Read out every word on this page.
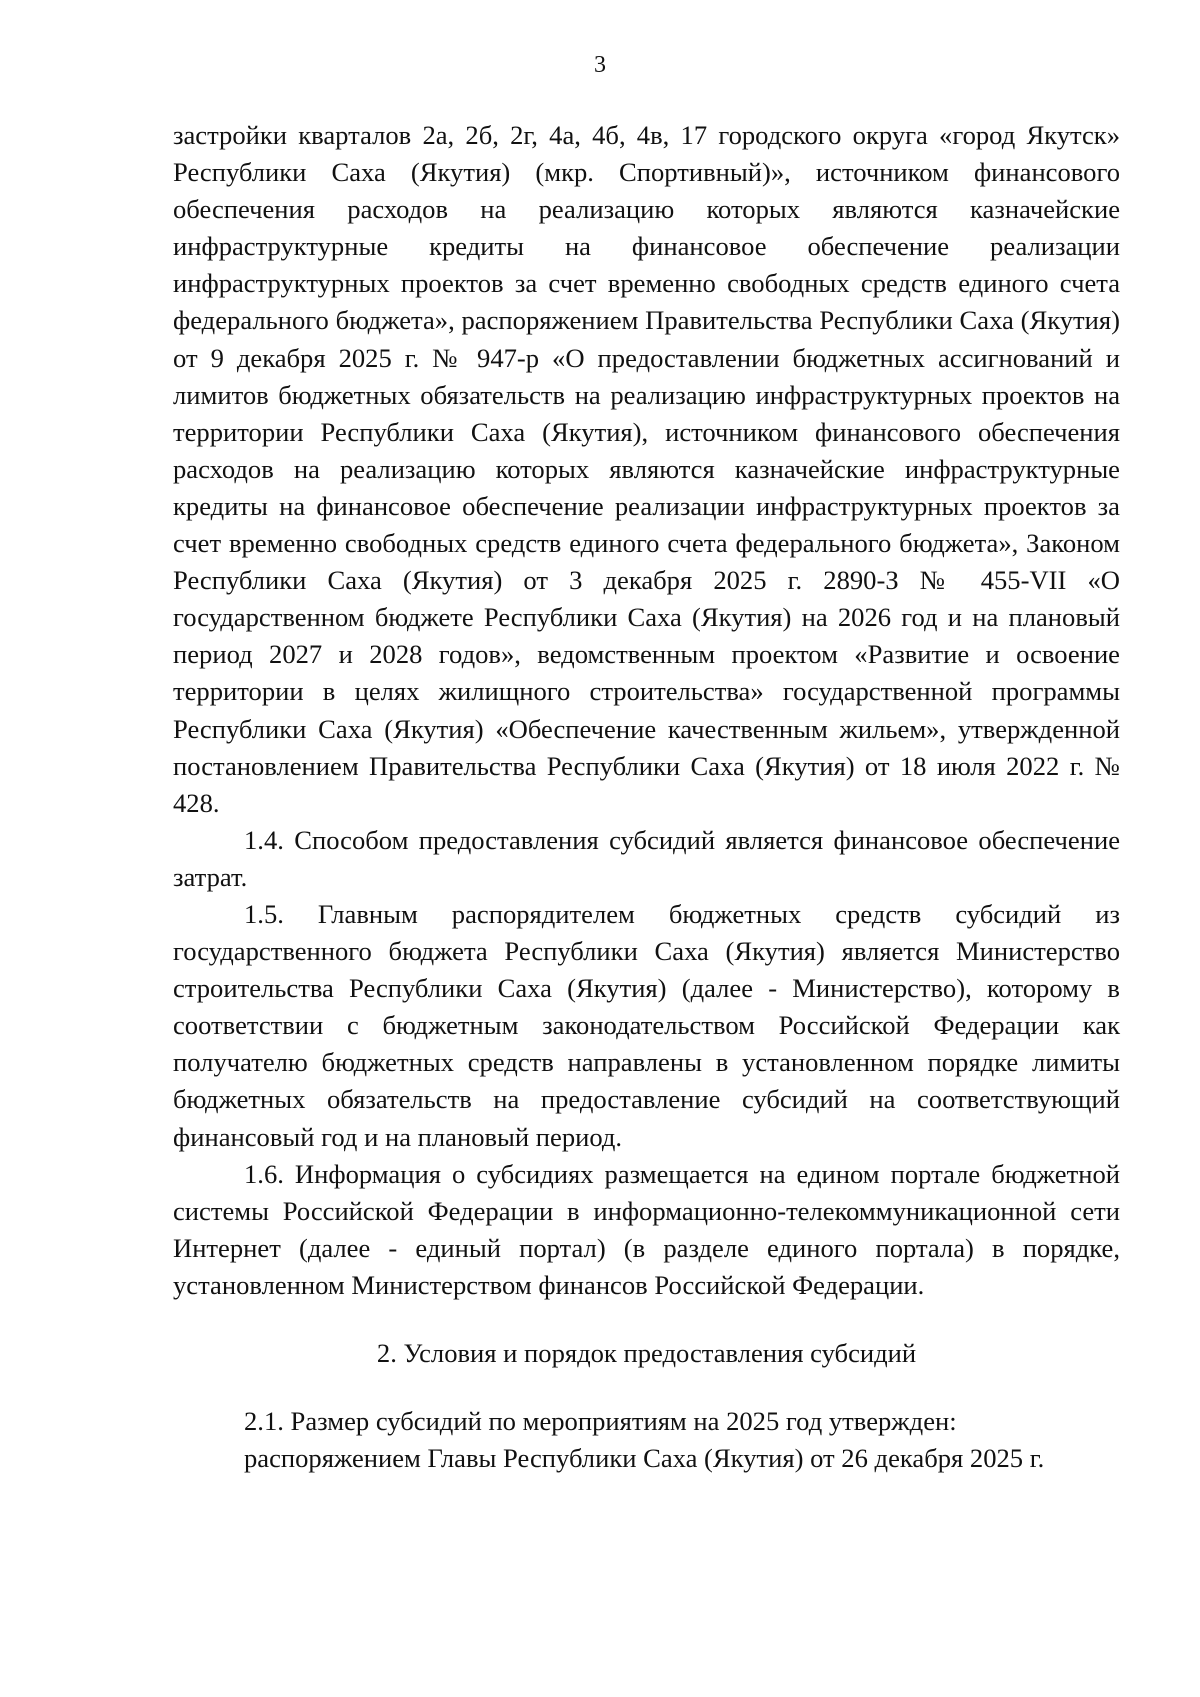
3

застройки кварталов 2а, 2б, 2г, 4а, 4б, 4в, 17 городского округа «город Якутск» Республики Саха (Якутия) (мкр. Спортивный)», источником финансового обеспечения расходов на реализацию которых являются казначейские инфраструктурные кредиты на финансовое обеспечение реализации инфраструктурных проектов за счет временно свободных средств единого счета федерального бюджета», распоряжением Правительства Республики Саха (Якутия) от 9 декабря 2025 г. № 947-р «О предоставлении бюджетных ассигнований и лимитов бюджетных обязательств на реализацию инфраструктурных проектов на территории Республики Саха (Якутия), источником финансового обеспечения расходов на реализацию которых являются казначейские инфраструктурные кредиты на финансовое обеспечение реализации инфраструктурных проектов за счет временно свободных средств единого счета федерального бюджета», Законом Республики Саха (Якутия) от 3 декабря 2025 г. 2890-З № 455-VII «О государственном бюджете Республики Саха (Якутия) на 2026 год и на плановый период 2027 и 2028 годов», ведомственным проектом «Развитие и освоение территории в целях жилищного строительства» государственной программы Республики Саха (Якутия) «Обеспечение качественным жильем», утвержденной постановлением Правительства Республики Саха (Якутия) от 18 июля 2022 г. № 428.

1.4. Способом предоставления субсидий является финансовое обеспечение затрат.

1.5. Главным распорядителем бюджетных средств субсидий из государственного бюджета Республики Саха (Якутия) является Министерство строительства Республики Саха (Якутия) (далее - Министерство), которому в соответствии с бюджетным законодательством Российской Федерации как получателю бюджетных средств направлены в установленном порядке лимиты бюджетных обязательств на предоставление субсидий на соответствующий финансовый год и на плановый период.

1.6. Информация о субсидиях размещается на едином портале бюджетной системы Российской Федерации в информационно-телекоммуникационной сети Интернет (далее - единый портал) (в разделе единого портала) в порядке, установленном Министерством финансов Российской Федерации.

2. Условия и порядок предоставления субсидий

2.1. Размер субсидий по мероприятиям на 2025 год утвержден:

распоряжением Главы Республики Саха (Якутия) от 26 декабря 2025 г.
